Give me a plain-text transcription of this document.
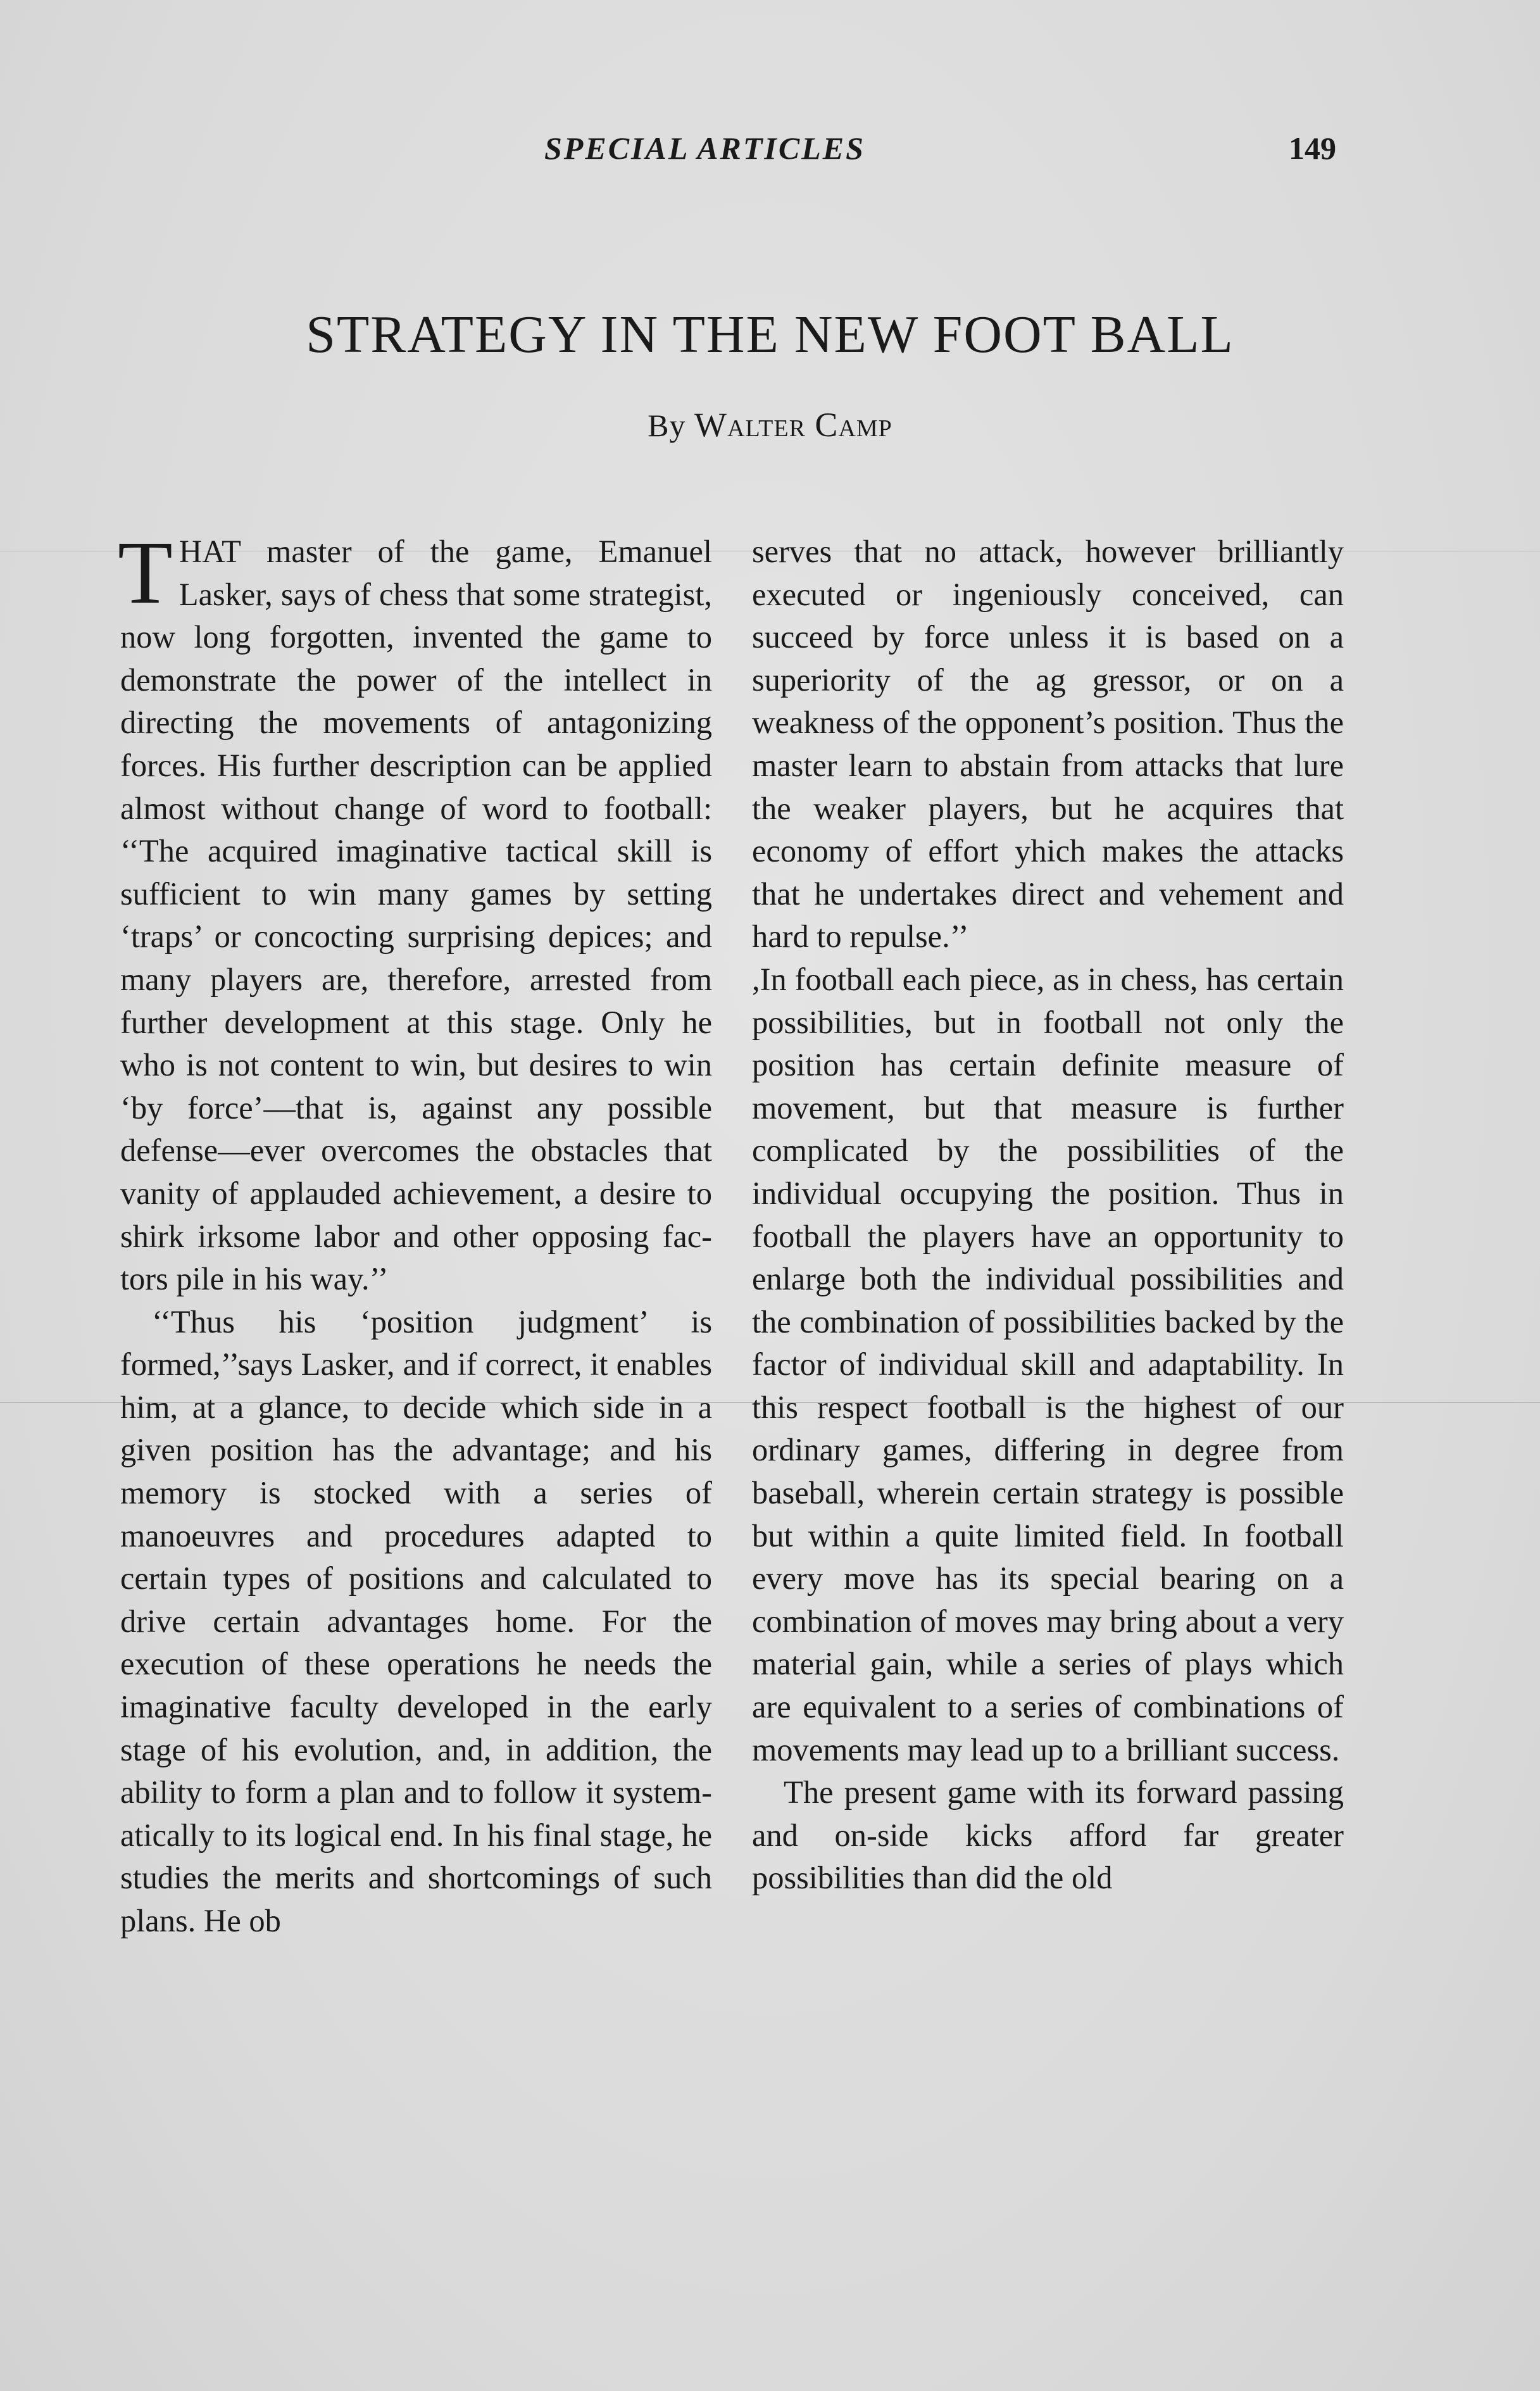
SPECIAL ARTICLES	149
STRATEGY IN THE NEW FOOT BALL
By Walter Camp

THAT master of the game, Emanuel Lasker, says of chess that some strategist, now long forgotten, invented the game to demonstrate the power of the intellect in directing the movements of antagonizing forces. His further description can be applied almost without change of word to football: ‘‘The acquired imaginative tactical skill is sufficient to win many games by setting ‘traps’ or concocting surprising depices; and many players are, therefore, arrested from further development at this stage. Only he who is not content to win, but desires to win ‘by force’—that is, against any possible defense—ever overcomes the obstacles that vanity of applauded achievement, a desire to shirk irksome labor and other opposing factors pile in his way.’’

‘‘Thus his ‘position judgment’ is formed,’’says Lasker, and if correct, it enables him, at a glance, to decide which side in a given position has the advantage; and his memory is stocked with a series of manoeuvres and procedures adapted to certain types of positions and calculated to drive certain advantages home. For the execution of these operations he needs the imaginative faculty developed in the early stage of his evolution, and, in addition, the ability to form a plan and to follow it systematically to its logical end. In his final stage, he studies the merits and shortcomings of such plans. He ob

serves that no attack, however brilliantly executed or ingeniously conceived, can succeed by force unless it is based on a superiority of the ag gressor, or on a weakness of the opponent’s position. Thus the master learn to abstain from attacks that lure the weaker players, but he acquires that economy of effort yhich makes the attacks that he undertakes direct and vehement and hard to repulse.’’

,In football each piece, as in chess, has certain possibilities, but in football not only the position has certain definite measure of movement, but that measure is further complicated by the possibilities of the individual occupying the position. Thus in football the players have an opportunity to enlarge both the individual possibilities and the combination of possibilities backed by the factor of individual skill and adaptability. In this respect football is the highest of our ordinary games, differing in degree from baseball, wherein certain strategy is possible but within a quite limited field. In football every move has its special bearing on a combination of moves may bring about a very material gain, while a series of plays which are equivalent to a series of combinations of movements may lead up to a brilliant success.

The present game with its forward passing and on-side kicks afford far greater possibilities than did the old
